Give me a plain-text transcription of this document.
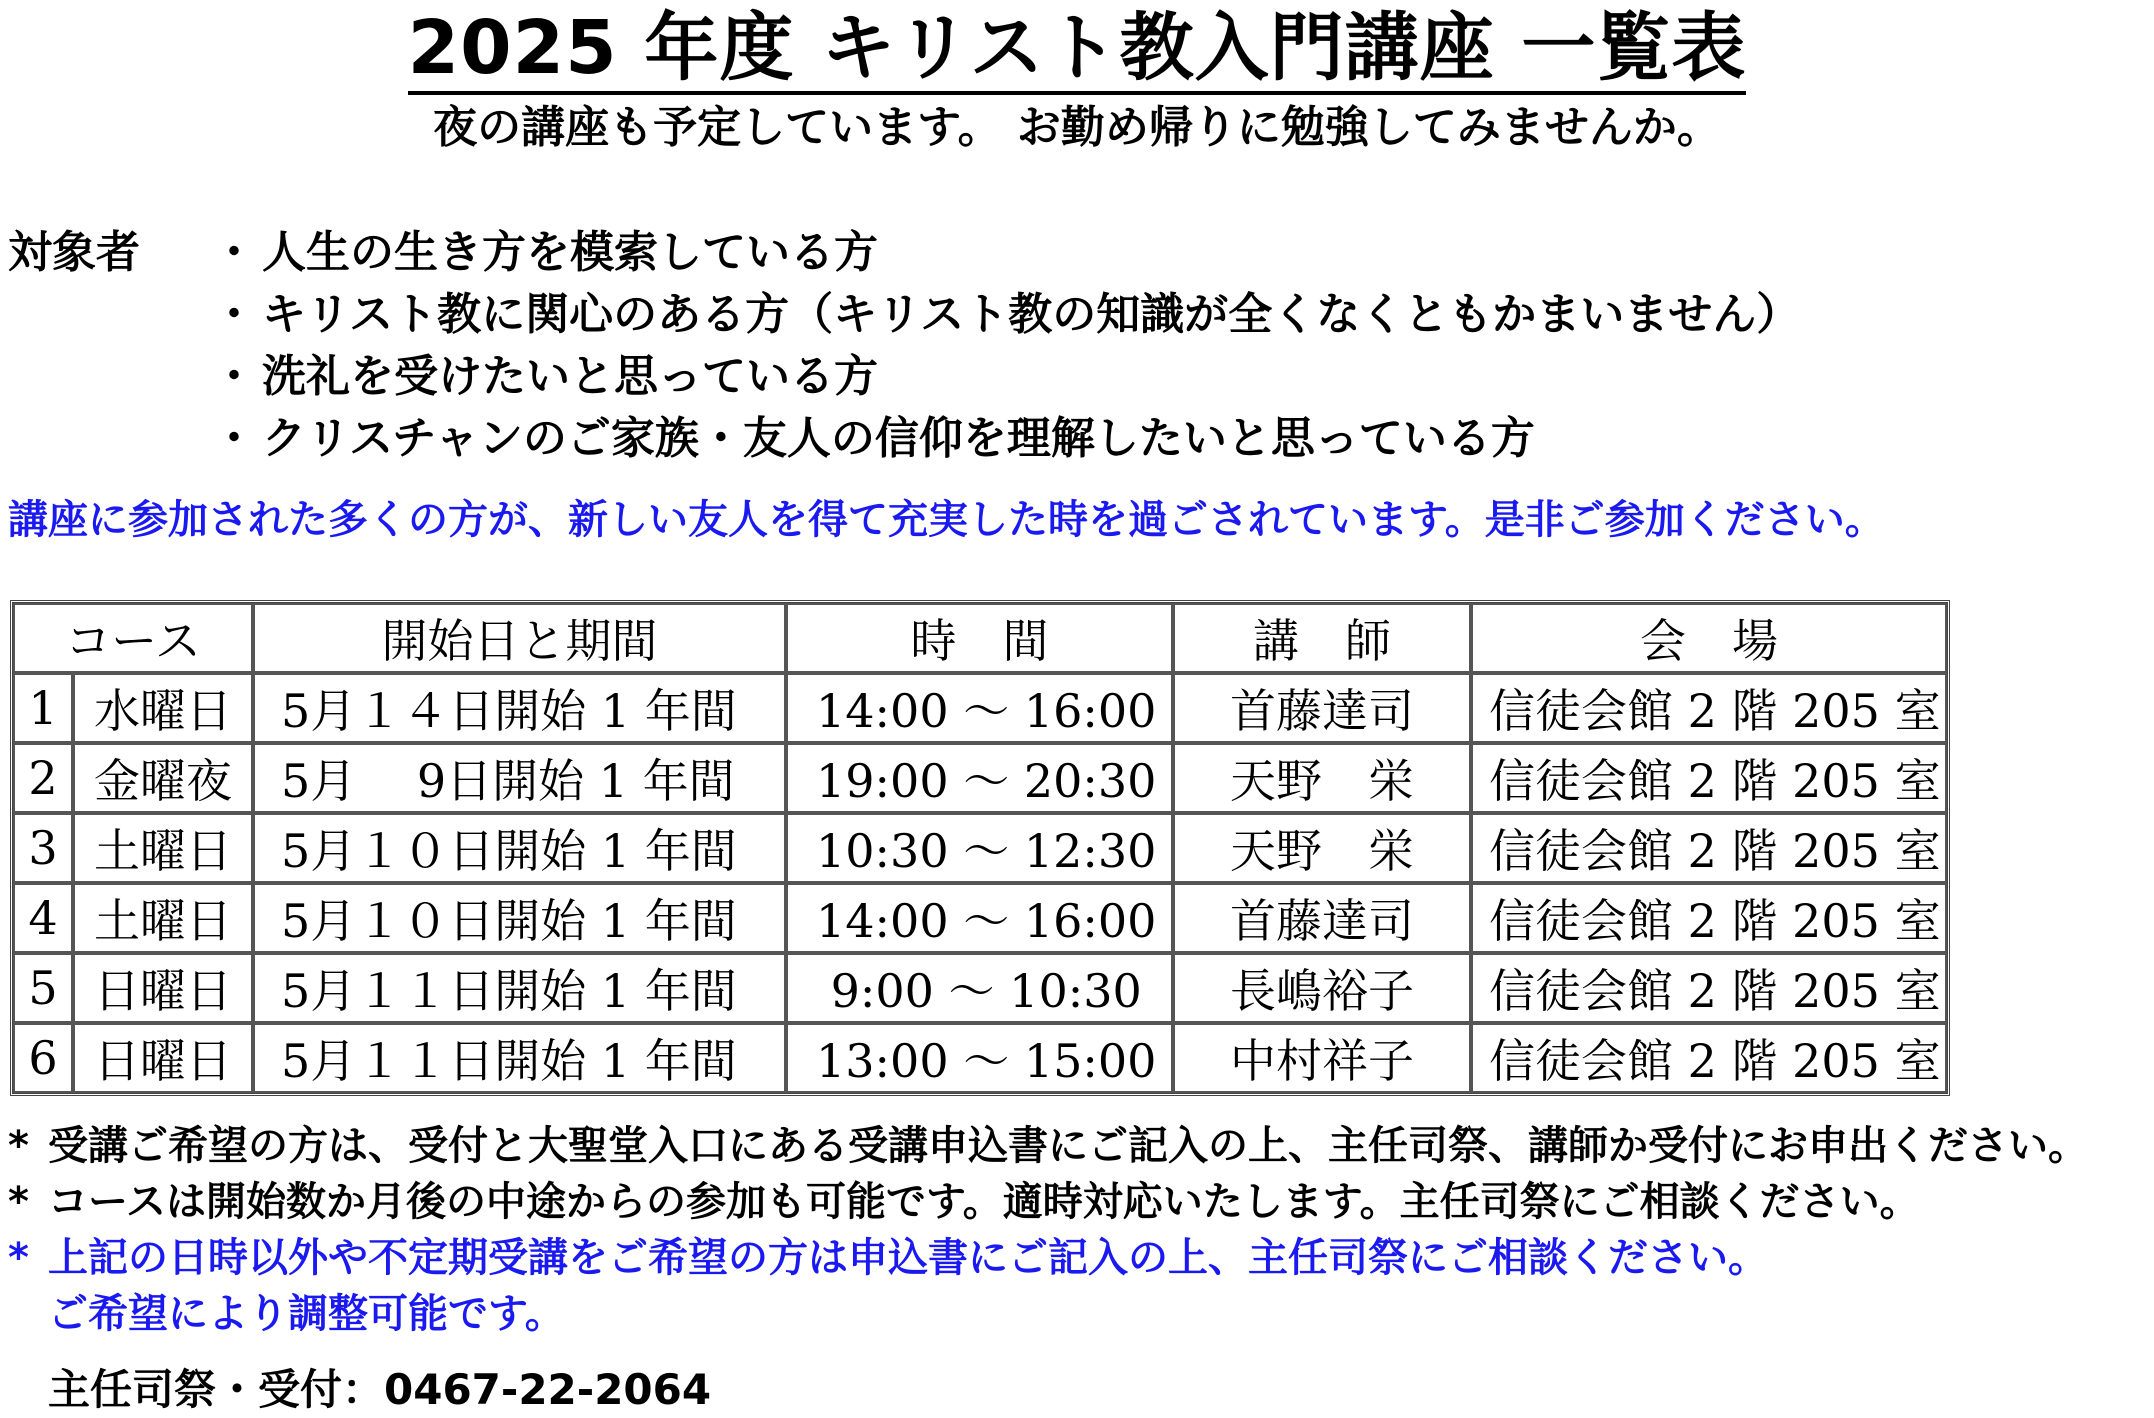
2025 年度 キリスト教入門講座 一覧表
夜の講座も予定しています。 お勤め帰りに勉強してみませんか。
対象者 ・ 人生の生き方を模索している方
・ キリスト教に関心のある方（キリスト教の知識が全くなくともかまいません）
・ 洗礼を受けたいと思っている方
・ クリスチャンのご家族・友人の信仰を理解したいと思っている方
講座に参加された多くの方が、新しい友人を得て充実した時を過ごされています。是非ご参加ください。
コース		開始日と期間	時　間	講　師	会　場
1	水曜日	5月１４日開始 1 年間	14:00 ～ 16:00	首藤達司	信徒会館 2 階 205 室
2	金曜夜	5月　 9日開始 1 年間	19:00 ～ 20:30	天野　栄	信徒会館 2 階 205 室
3	土曜日	5月１０日開始 1 年間	10:30 ～ 12:30	天野　栄	信徒会館 2 階 205 室
4	土曜日	5月１０日開始 1 年間	14:00 ～ 16:00	首藤達司	信徒会館 2 階 205 室
5	日曜日	5月１１日開始 1 年間	9:00 ～ 10:30	長嶋裕子	信徒会館 2 階 205 室
6	日曜日	5月１１日開始 1 年間	13:00 ～ 15:00	中村祥子	信徒会館 2 階 205 室
* 受講ご希望の方は、受付と大聖堂入口にある受講申込書にご記入の上、主任司祭、講師か受付にお申出ください。
* コースは開始数か月後の中途からの参加も可能です。適時対応いたします。主任司祭にご相談ください。
* 上記の日時以外や不定期受講をご希望の方は申込書にご記入の上、主任司祭にご相談ください。
ご希望により調整可能です。
主任司祭・受付：0467-22-2064
